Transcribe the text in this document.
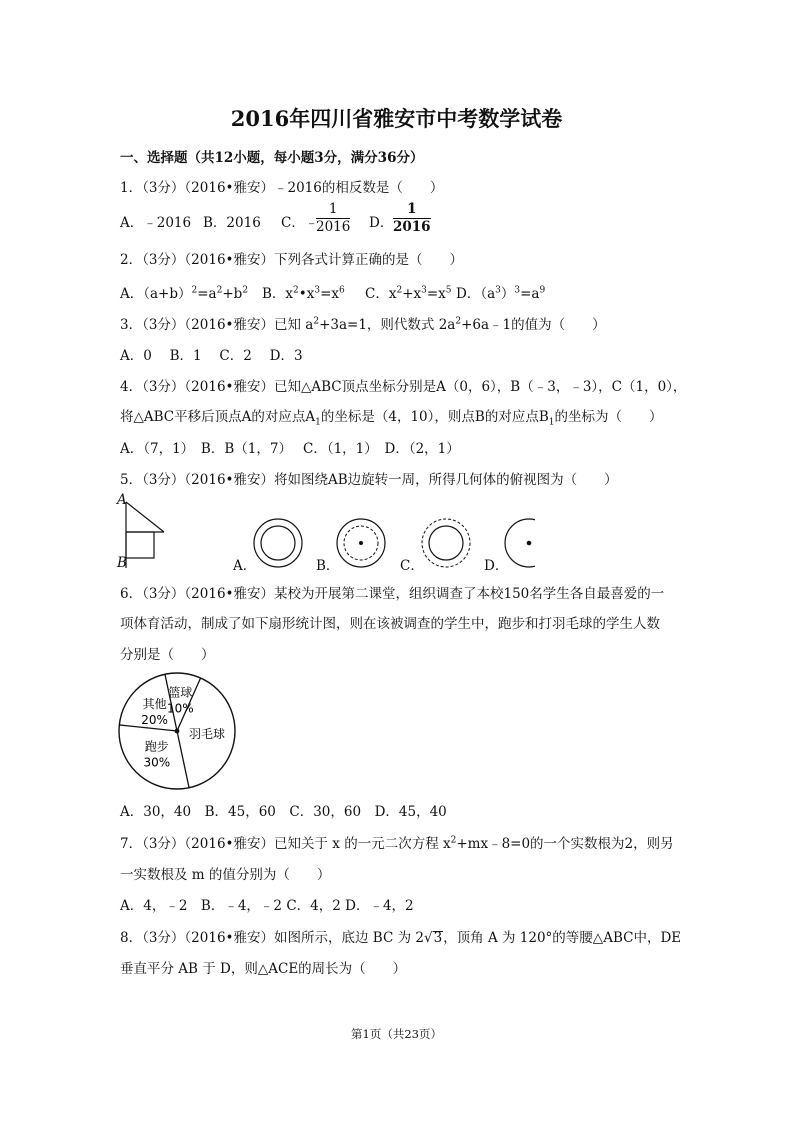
2016年四川省雅安市中考数学试卷
一、选择题（共12小题，每小题3分，满分36分）
1．（3分）（2016•雅安）﹣2016的相反数是（　　）
A．﹣2016 B．2016 C．﹣
$\frac{1}{2016}$ D． $\frac{1}{2016}$
2．（3分）（2016•雅安）下列各式计算正确的是（　　）
A．$(a+b)^2=a^2+b^2$ B．$x^2•x^3=x^6$ C．$x^2+x^3=x^5$ D．$(a^3)^3=a^9$
3．（3分）（2016•雅安）已知 $a^2+3a=1$，则代数式 $2a^2+6a﹣1$的值为（　　）
A．0　 B．1　 C．2　 D．3
4．（3分）（2016•雅安）已知△ABC顶点坐标分别是A（0，6），B（﹣3，﹣3），C（1，0），
将△ABC平移后顶点A的对应点$A_1$的坐标是（4，10），则点B的对应点$B_1$的坐标为（　　）
A．（7，1）　B．B（1，7）　 C．（1，1）　D．（2，1）
5．（3分）（2016•雅安）将如图绕AB边旋转一周，所得几何体的俯视图为（　　）
A
B	A．	B．	C．	D．
6．（3分）（2016•雅安）某校为开展第二课堂，组织调查了本校150名学生各自最喜爱的一
项体育活动，制成了如下扇形统计图，则在该被调查的学生中，跑步和打羽毛球的学生人数
分别是（　　）
篮球
10%
羽毛球
跑步
30%
其他
20%
A．30，40　B．45，60　C．30，60　D．45，40
7．（3分）（2016•雅安）已知关于 x 的一元二次方程 $x^2+mx﹣8=0$的一个实数根为2，则另
一实数根及 m 的值分别为（　　）
A．4，﹣2　B．﹣4，﹣2 C．4，2 D．﹣4，2
8．（3分）（2016•雅安）如图所示，底边 BC 为 2√3，顶角 A 为 120°的等腰△ABC中，DE
垂直平分 AB 于 D，则△ACE的周长为（　　）
第1页（共23页）
